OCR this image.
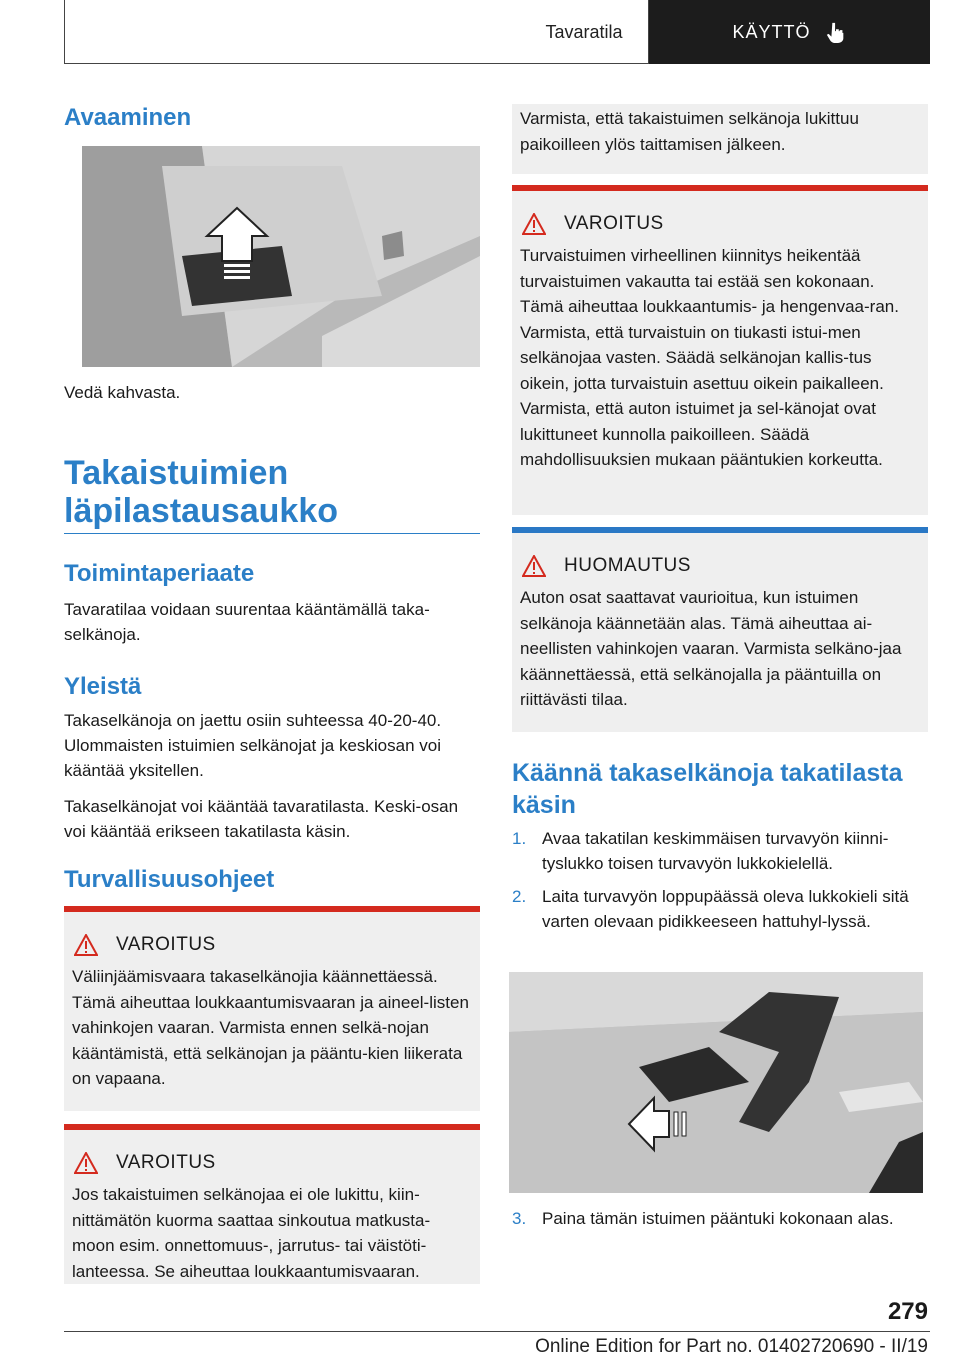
Tavaratila	KÄYTTÖ
Avaaminen

Vedä kahvasta.

Takaistuimien
läpilastausaukko
Toimintaperiaate

Tavaratilaa voidaan suurentaa kääntämällä taka-selkänoja.

Yleistä

Takaselkänoja on jaettu osiin suhteessa 40-20-40. Ulommaisten istuimien selkänojat ja keskiosan voi kääntää yksitellen.

Takaselkänojat voi kääntää tavaratilasta. Keski-osan voi kääntää erikseen takatilasta käsin.

Turvallisuusohjeet
VAROITUS
Väliinjäämisvaara takaselkänojia käännettäessä. Tämä aiheuttaa loukkaantumisvaaran ja aineel-listen vahinkojen vaaran. Varmista ennen selkä-nojan kääntämistä, että selkänojan ja pääntu-kien liikerata on vapaana.
VAROITUS
Jos takaistuimen selkänojaa ei ole lukittu, kiin-nittämätön kuorma saattaa sinkoutua matkusta-moon esim. onnettomuus-, jarrutus- tai väistöti-lanteessa. Se aiheuttaa loukkaantumisvaaran.
Varmista, että takaistuimen selkänoja lukittuu paikoilleen ylös taittamisen jälkeen.
VAROITUS
Turvaistuimen virheellinen kiinnitys heikentää turvaistuimen vakautta tai estää sen kokonaan. Tämä aiheuttaa loukkaantumis- ja hengenvaa-ran. Varmista, että turvaistuin on tiukasti istui-men selkänojaa vasten. Säädä selkänojan kallis-tus oikein, jotta turvaistuin asettuu oikein paikalleen. Varmista, että auton istuimet ja sel-känojat ovat lukittuneet kunnolla paikoilleen. Säädä mahdollisuuksien mukaan pääntukien korkeutta.
HUOMAUTUS
Auton osat saattavat vaurioitua, kun istuimen selkänoja käännetään alas. Tämä aiheuttaa ai-neellisten vahinkojen vaaran. Varmista selkäno-jaa käännettäessä, että selkänojalla ja pääntuilla on riittävästi tilaa.
Käännä takaselkänoja takatilasta käsin
1. Avaa takatilan keskimmäisen turvavyön kiinni-tyslukko toisen turvavyön lukkokielellä.
2. Laita turvavyön loppupäässä oleva lukkokieli sitä varten olevaan pidikkeeseen hattuhyl-lyssä.
3. Paina tämän istuimen pääntuki kokonaan alas.
279
Online Edition for Part no. 01402720690 - II/19
